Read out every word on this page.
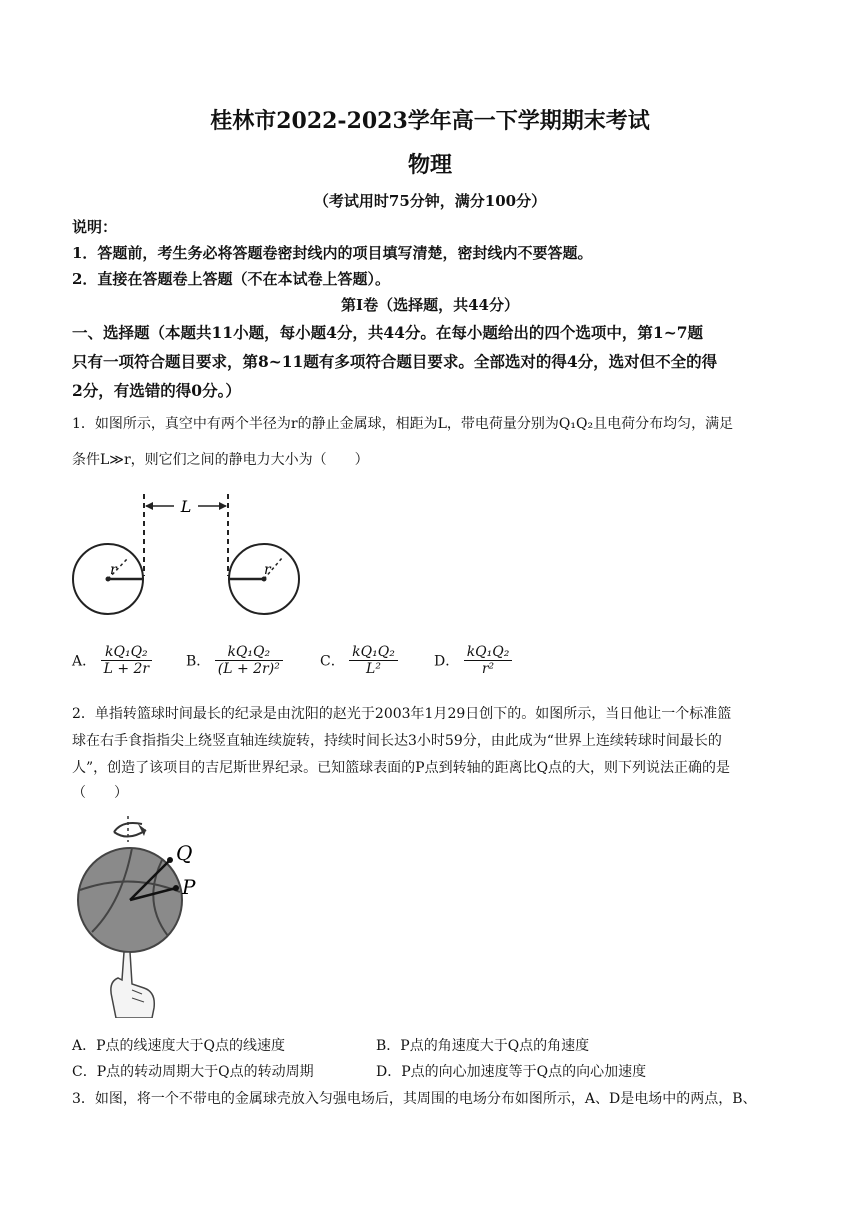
桂林市2022-2023学年高一下学期期末考试
物理
（考试用时75分钟，满分100分）
说明：
1．答题前，考生务必将答题卷密封线内的项目填写清楚，密封线内不要答题。
2．直接在答题卷上答题（不在本试卷上答题）。
第Ⅰ卷（选择题，共44分）
一、选择题（本题共11小题，每小题4分，共44分。在每小题给出的四个选项中，第1~7题
只有一项符合题目要求，第8~11题有多项符合题目要求。全部选对的得4分，选对但不全的得
2分，有选错的得0分。）
1．如图所示，真空中有两个半径为r的静止金属球，相距为L，带电荷量分别为Q₁Q₂且电荷分布均匀，满足
条件L≫r，则它们之间的静电力大小为（　　）
L
r	r
A． $\frac{\text{kQ₁Q₂}}{L + 2r}$ B． $\frac{\text{kQ₁Q₂}}{\text{(L + 2r)²}}$	C． $\frac{\text{kQ₁Q₂}}{\text{L²}}$	D． $\frac{\text{kQ₁Q₂}}{\text{r²}}$
2．单指转篮球时间最长的纪录是由沈阳的赵光于2003年1月29日创下的。如图所示，当日他让一个标准篮
球在右手食指指尖上绕竖直轴连续旋转，持续时间长达3小时59分，由此成为“世界上连续转球时间最长的
人”，创造了该项目的吉尼斯世界纪录。已知篮球表面的P点到转轴的距离比Q点的大，则下列说法正确的是
（　　）
Q
P
A．P点的线速度大于Q点的线速度	B．P点的角速度大于Q点的角速度
C．P点的转动周期大于Q点的转动周期	D．P点的向心加速度等于Q点的向心加速度
3．如图，将一个不带电的金属球壳放入匀强电场后，其周围的电场分布如图所示，A、D是电场中的两点，B、
